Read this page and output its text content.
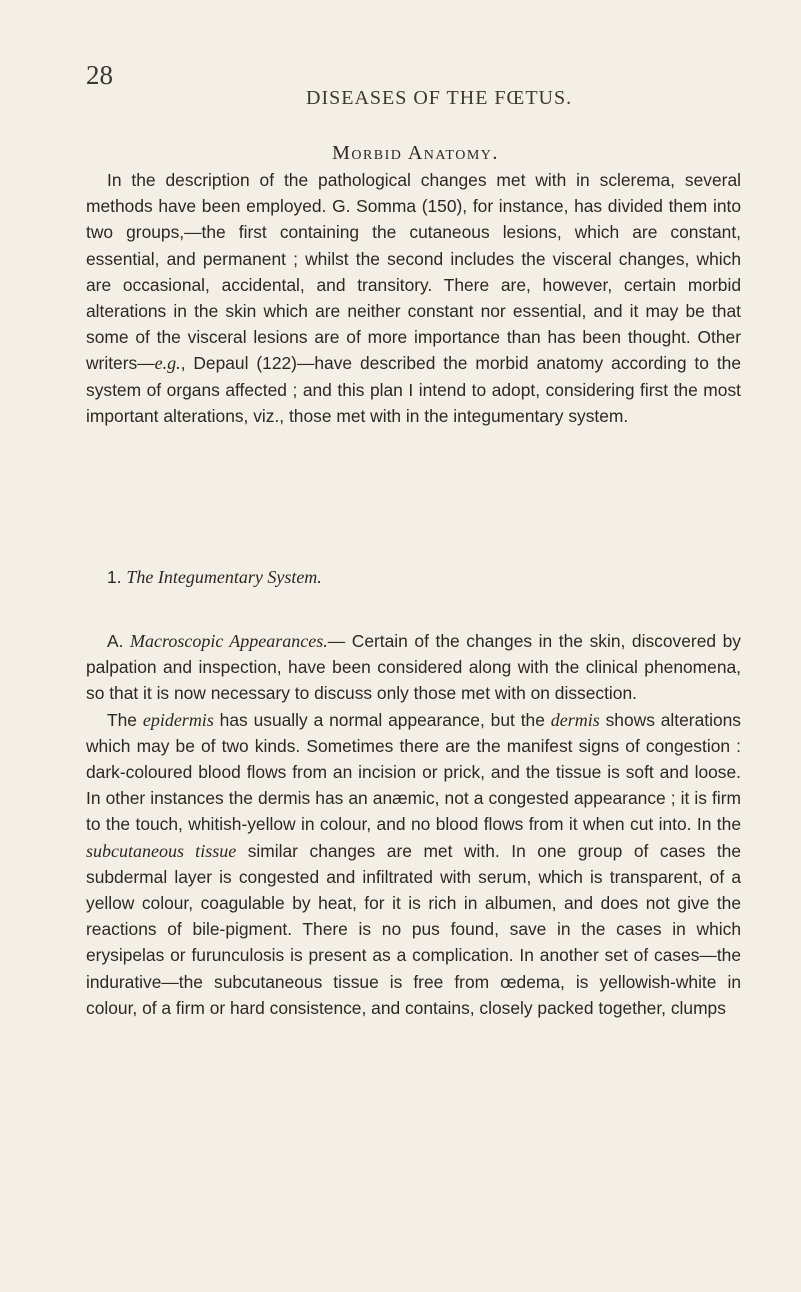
28
DISEASES OF THE FŒTUS.
Morbid Anatomy.

In the description of the pathological changes met with in sclerema, several methods have been employed. G. Somma (150), for instance, has divided them into two groups,—the first containing the cutaneous lesions, which are constant, essential, and permanent ; whilst the second includes the visceral changes, which are occasional, accidental, and transitory. There are, however, certain morbid alterations in the skin which are neither constant nor essential, and it may be that some of the visceral lesions are of more importance than has been thought. Other writers—e.g., Depaul (122)—have described the morbid anatomy according to the system of organs affected ; and this plan I intend to adopt, considering first the most important alterations, viz., those met with in the integumentary system.

1. The Integumentary System.

A. Macroscopic Appearances.— Certain of the changes in the skin, discovered by palpation and inspection, have been considered along with the clinical phenomena, so that it is now necessary to discuss only those met with on dissection.

The epidermis has usually a normal appearance, but the dermis shows alterations which may be of two kinds. Sometimes there are the manifest signs of congestion : dark-coloured blood flows from an incision or prick, and the tissue is soft and loose. In other instances the dermis has an anæmic, not a congested appearance ; it is firm to the touch, whitish-yellow in colour, and no blood flows from it when cut into. In the subcutaneous tissue similar changes are met with. In one group of cases the subdermal layer is congested and infiltrated with serum, which is transparent, of a yellow colour, coagulable by heat, for it is rich in albumen, and does not give the reactions of bile-pigment. There is no pus found, save in the cases in which erysipelas or furunculosis is present as a complication. In another set of cases—the indurative—the subcutaneous tissue is free from œdema, is yellowish-white in colour, of a firm or hard consistence, and contains, closely packed together, clumps
